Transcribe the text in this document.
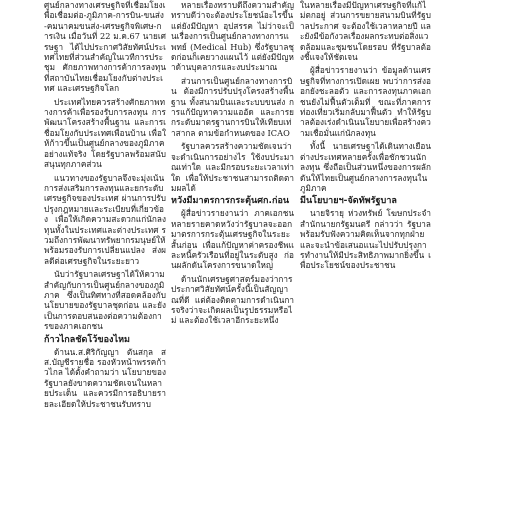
ศูนย์กลางทางเศรษฐกิจที่เชื่อมโยงเพื่อเชื่อมต่อ-ภูมิภาค-การบิน-ขนส่ง-คมนาคมขนส่ง-เศรษฐกิจพิเศษ-การเงิน เมื่อวันที่ 22 ม.ค.67 นายเศรษฐา ได้ไปประกาศวิสัยทัศน์ประเทศไทยที่ส่วนสำคัญในเวทีการประชุม ศักยภาพทางการค้าการลงทุน ที่สถาบันไทยเชื่อมโยงกับต่างประเทศ และเศรษฐกิจโลก

ประเทศไทยควรสร้างศักยภาพทางการค้าเพื่อรองรับการลงทุน การพัฒนาโครงสร้างพื้นฐาน และการเชื่อมโยงกับประเทศเพื่อนบ้าน เพื่อให้ก้าวขึ้นเป็นศูนย์กลางของภูมิภาคอย่างแท้จริง โดยรัฐบาลพร้อมสนับสนุนทุกภาคส่วน

แนวทางของรัฐบาลจึงจะมุ่งเน้นการส่งเสริมการลงทุนและยกระดับเศรษฐกิจของประเทศ ผ่านการปรับปรุงกฎหมายและระเบียบที่เกี่ยวข้อง เพื่อให้เกิดความสะดวกแก่นักลงทุนทั้งในประเทศและต่างประเทศ รวมถึงการพัฒนาทรัพยากรมนุษย์ให้พร้อมรองรับการเปลี่ยนแปลง ส่งผลดีต่อเศรษฐกิจในระยะยาว

นับว่ารัฐบาลเศรษฐาได้ให้ความสำคัญกับการเป็นศูนย์กลางของภูมิภาค ซึ่งเป็นทิศทางที่สอดคล้องกับนโยบายของรัฐบาลชุดก่อน และยังเป็นการตอบสนองต่อความต้องการของภาคเอกชน

ก้าวไกลชัดโว้ของไหม

ด้านน.ส.ศิริกัญญา ตันสกุล สส.บัญชีรายชื่อ รองหัวหน้าพรรคก้าวไกล ได้ตั้งคำถามว่า นโยบายของรัฐบาลยังขาดความชัดเจนในหลายประเด็น และควรมีการอธิบายรายละเอียดให้ประชาชนรับทราบ

หลายเรื่องทราบดีถึงความสำคัญ ทราบดีว่าจะต้องประโยชน์อะไรขึ้น แต่ยังมีปัญหา อุปสรรค ไม่ว่าจะเป็นเรื่องการเป็นศูนย์กลางทางการแพทย์ (Medical Hub) ซึ่งรัฐบาลชุดก่อนก็เคยวางแผนไว้ แต่ยังมีปัญหาด้านบุคลากรและงบประมาณ

ส่วนการเป็นศูนย์กลางทางการบิน ต้องมีการปรับปรุงโครงสร้างพื้นฐาน ทั้งสนามบินและระบบขนส่ง การแก้ปัญหาความแออัด และการยกระดับมาตรฐานการบินให้เทียบเท่าสากล ตามข้อกำหนดของ ICAO

รัฐบาลควรสร้างความชัดเจนว่าจะดำเนินการอย่างไร ใช้งบประมาณเท่าใด และมีกรอบระยะเวลาเท่าใด เพื่อให้ประชาชนสามารถติดตามผลได้

หวังมีมาตรการกระตุ้นศก.ก่อน

ผู้สื่อข่าวรายงานว่า ภาคเอกชนหลายรายคาดหวังว่ารัฐบาลจะออกมาตรการกระตุ้นเศรษฐกิจในระยะสั้นก่อน เพื่อแก้ปัญหาค่าครองชีพและหนี้ครัวเรือนที่อยู่ในระดับสูง ก่อนผลักดันโครงการขนาดใหญ่

ด้านนักเศรษฐศาสตร์มองว่าการประกาศวิสัยทัศน์ครั้งนี้เป็นสัญญาณที่ดี แต่ต้องติดตามการดำเนินการจริงว่าจะเกิดผลเป็นรูปธรรมหรือไม่ และต้องใช้เวลาอีกระยะหนึ่ง

ในหลายเรื่องมีปัญหาเศรษฐกิจที่แก้ไม่ตกอยู่ ส่วนการขยายสนามบินที่รัฐบาลประกาศ จะต้องใช้เวลาหลายปี และยังมีข้อกังวลเรื่องผลกระทบต่อสิ่งแวดล้อมและชุมชนโดยรอบ ที่รัฐบาลต้องชี้แจงให้ชัดเจน

ผู้สื่อข่าวรายงานว่า ข้อมูลด้านเศรษฐกิจที่ทางการเปิดเผย พบว่าการส่งออกยังชะลอตัว และการลงทุนภาคเอกชนยังไม่ฟื้นตัวเต็มที่ ขณะที่ภาคการท่องเที่ยวเริ่มกลับมาฟื้นตัว ทำให้รัฐบาลต้องเร่งดำเนินนโยบายเพื่อสร้างความเชื่อมั่นแก่นักลงทุน

ทั้งนี้ นายเศรษฐาได้เดินทางเยือนต่างประเทศหลายครั้งเพื่อชักชวนนักลงทุน ซึ่งถือเป็นส่วนหนึ่งของการผลักดันให้ไทยเป็นศูนย์กลางการลงทุนในภูมิภาค

มีนโยบายฯ-จัดทัพรัฐบาล

นายจิรายุ ห่วงทรัพย์ โฆษกประจำสำนักนายกรัฐมนตรี กล่าวว่า รัฐบาลพร้อมรับฟังความคิดเห็นจากทุกฝ่าย และจะนำข้อเสนอแนะไปปรับปรุงการทำงานให้มีประสิทธิภาพมากยิ่งขึ้น เพื่อประโยชน์ของประชาชน
